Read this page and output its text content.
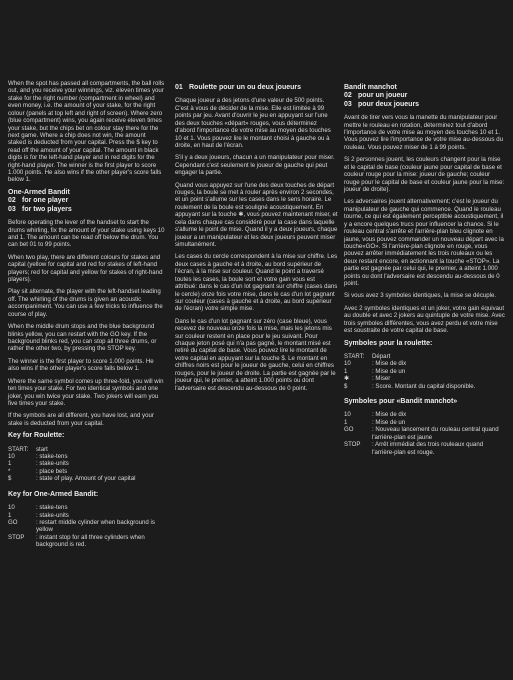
When the spot has passed all compartments, the ball rolls out, and you receive your winnings, viz. eleven times your stake for the right number (compartment in wheel) and even money, i.e. the amount of your stake, for the right colour (panels at top left and right of screen). Where zero (blue compartment) wins, you again receive eleven times your stake, but the chips bet on colour stay there for the next game. Where a chip does not win, the amount staked is deducted from your capital. Press the $ key to read off the amount of your capital. The amount in black digits is for the left-hand player and in red digits for the right-hand player. The winner is the first player to score 1.000 points. He also wins if the other player's score falls below 1.

One-Armed Bandit
02 for one player
03 for two players

Before operating the lever of the handset to start the drums whirling, fix the amount of your stake using keys 10 and 1. The amount can be read off below the drum. You can bet 01 to 99 points.

When two play, there are different colours for stakes and capital (yellow for capital and red for stakes of left-hand players; red for capital and yellow for stakes of right-hand players).

Play sit alternate, the player with the left-handset leading off. The whirling of the drums is given an acoustic accompaniment. You can use a few tricks to influence the course of play.

When the middle drum stops and the blue background blinks yellow, you can restart with the GO key. If the background blinks red, you can stop all three drums, or rather the other two, by pressing the STOP key.

The winner is the first player to score 1.000 points. He also wins if the other player's score falls below 1.

Where the same symbol comes up three-fold, you will win ten times your stake. For two identical symbols and one joker, you win twice your stake. Two jokers will earn you five times your stake.

If the symbols are all different, you have lost, and your stake is deducted from your capital.

Key for Roulette:
START:	start
10	: stake-tens
1	: stake-units
*	: place bets
$	: state of play. Amount of your capital
Key for One-Armed Bandit:
10	: stake-tens
1	: stake-units
GO	: restart middle cylinder when background is yellow
STOP	: instant stop for all three cylinders when background is red.
01 Roulette pour un ou deux joueurs

Chaque joueur a des jetons d'une valeur de 500 points. C'est à vous de décider de la mise. Elle est limitée à 99 points par jeu. Avant d'ouvrir le jeu en appuyant sur l'une des deux touches «départ» rouges, vous déterminez d'abord l'importance de votre mise au moyen des touches 10 et 1. Vous pouvez lire le montant choisi à gauche ou à droite, en haut de l'écran.

S'il y a deux joueurs, chacun a un manipulateur pour miser. Cependant c'est seulement le joueur de gauche qui peut engager la partie.

Quand vous appuyez sur l'une des deux touches de départ rouges, la boule se met à rouler après environ 2 secondes, et un point s'allume sur les cases dans le sens horaire. Le roulement de la boule est souligné acoustiquement. En appuyant sur la touche ✱, vous pouvez maintenant miser, et cela dans chaque cas considéré pour la case dans laquelle s'allume le point de mise. Quand il y a deux joueurs, chaque joueur a un manipulateur et les deux joueurs peuvent miser simultanément.

Les cases du cercle correspondent à la mise sur chiffre. Les deux cases à gauche et à droite, au bord supérieur de l'écran, à la mise sur couleur. Quand le point a traversé toutes les cases, la boule sort et votre gain vous est attribué: dans le cas d'un lot gagnant sur chiffre (cases dans le cercle) onze fois votre mise, dans le cas d'un lot gagnant sur couleur (cases à gauche et à droite, au bord supérieur de l'écran) votre simple mise.

Dans le cas d'un lot gagnant sur zéro (case bleue), vous recevez de nouveau onze fois la mise, mais les jetons mis sur couleur restent en place pour le jeu suivant. Pour chaque jeton posé qui n'a pas gagné, le montant misé est retiré du capital de base. Vous pouvez lire le montant de votre capital en appuyant sur la touche $. Le montant en chiffres noirs est pour le joueur de gauche, celui en chiffres rouges, pour le joueur de droite. La partie est gagnée par le joueur qui, le premier, a atteint 1.000 points ou dont l'adversaire est descendu au-dessous de 0 point.

Bandit manchot
02 pour un joueur
03 pour deux joueurs

Avant de tirer vers vous la manette du manipulateur pour mettre le rouleau en rotation, déterminez tout d'abord l'importance de votre mise au moyen des touches 10 et 1. Vous pouvez lire l'importance de votre mise au-dessous du rouleau. Vous pouvez miser de 1 à 99 points.

Si 2 personnes jouent, les couleurs changent pour la mise et le capital de base (couleur jaune pour capital de base et couleur rouge pour la mise: joueur de gauche; couleur rouge pour le capital de base et couleur jaune pour la mise: joueur de droite).

Les adversaires jouent alternativement; c'est le joueur du manipulateur de gauche qui commence. Quand le rouleau tourne, ce qui est également perceptible acoustiquement, il y a encore quelques trucs pour influencer la chance. Si le rouleau central s'arrête et l'arrière-plan bleu clignote en jaune, vous pouvez commander un nouveau départ avec la touche«GO». Si l'arrière-plan clignote en rouge, vous pouvez arrêter immédiatement les trois rouleaux ou les deux restant encore, en actionnant la touche «STOP». La partie est gagnée par celui qui, le premier, a atteint 1.000 points ou dont l'adversaire est descendu au-dessous de 0 point.

Si vous avez 3 symboles identiques, la mise se décuple.

Avec 2 symboles identiques et un joker, votre gain équivaut au double et avec 2 jokers au quintuple de votre mise. Avec trois symboles différentes, vous avez perdu et votre mise est soustraite de votre capital de base.

Symboles pour la roulette:
START:	Départ
10	: Mise de dix
1	: Mise de un
✱	: Miser
$	: Score. Montant du capital disponible.
Symboles pour «Bandit manchot»
10	: Mise de dix
1	: Mise de un
GO	: Nouveau lancement du rouleau central quand l'arrière-plan est jaune
STOP	: Arrêt immédiat des trois rouleaux quand l'arrière-plan est rouge.
